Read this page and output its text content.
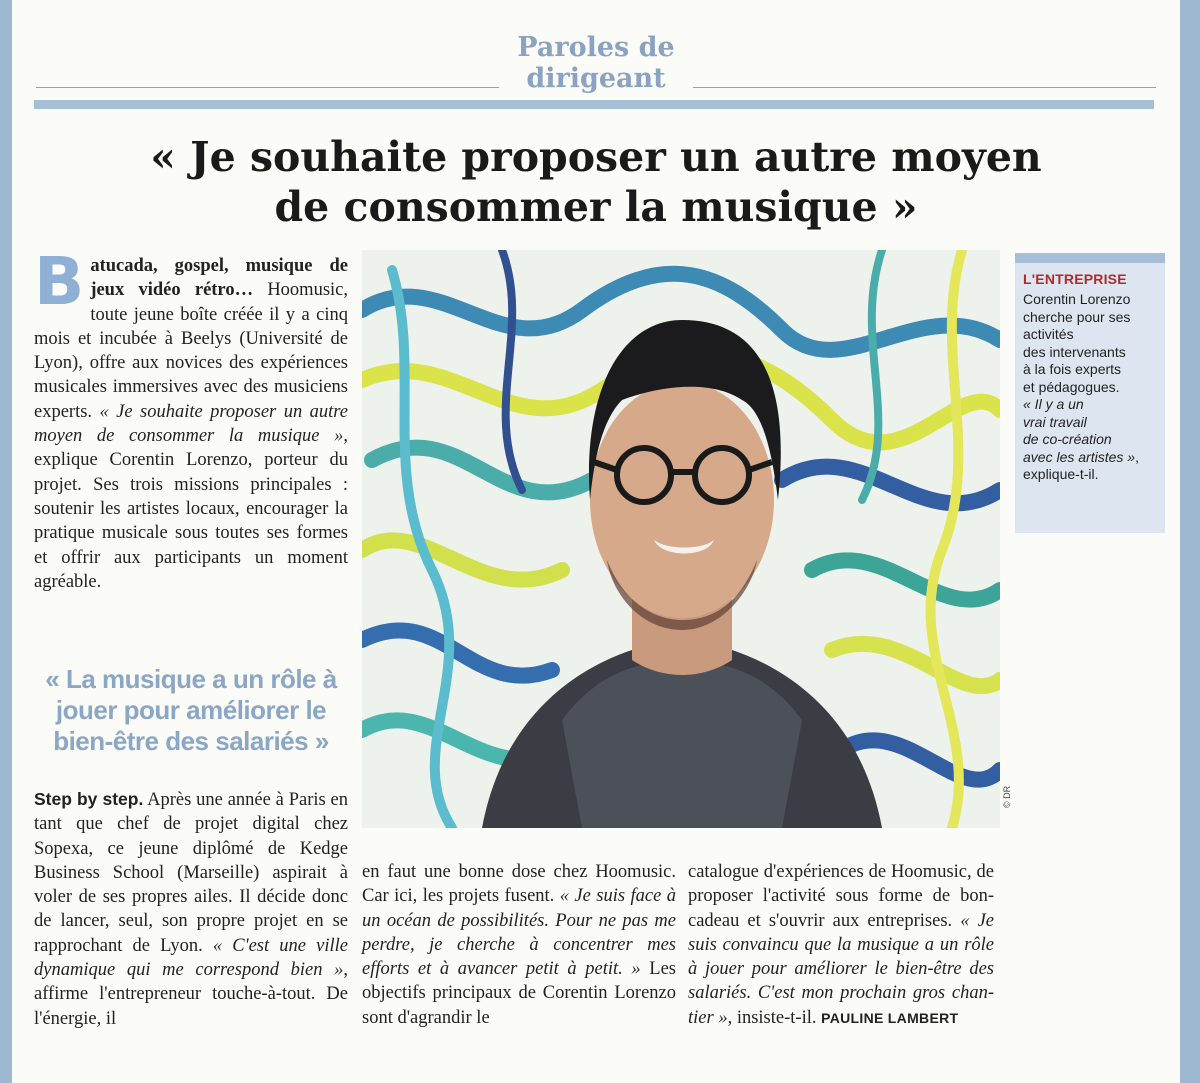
Paroles de
dirigeant
« Je souhaite proposer un autre moyen
de consommer la musique »

Batucada, gospel, musique de jeux vidéo rétro… Hoomusic, toute jeune boîte créée il y a cinq mois et incubée à Beelys (Université de Lyon), offre aux novices des expériences musicales immersives avec des musiciens experts. « Je souhaite proposer un autre moyen de consommer la musique », explique Corentin Lorenzo, porteur du projet. Ses trois missions principales : soutenir les artistes locaux, encourager la pratique musicale sous toutes ses formes et offrir aux participants un moment agréable.

« La musique a un rôle à jouer pour améliorer le bien-être des salariés »

Step by step. Après une année à Paris en tant que chef de projet digital chez Sopexa, ce jeune diplômé de Kedge Business School (Marseille) aspirait à voler de ses propres ailes. Il décide donc de lancer, seul, son propre projet en se rapprochant de Lyon. « C'est une ville dynamique qui me correspond bien », affirme l'entrepreneur touche-à-tout. De l'énergie, il

en faut une bonne dose chez Hoomusic. Car ici, les projets fusent. « Je suis face à un océan de possibilités. Pour ne pas me perdre, je cherche à concentrer mes efforts et à avancer petit à petit. » Les objectifs principaux de Corentin Lorenzo sont d'agrandir le

catalogue d'expériences de Hoomusic, de proposer l'activité sous forme de bon-cadeau et s'ouvrir aux entreprises. « Je suis convaincu que la musique a un rôle à jouer pour améliorer le bien-être des salariés. C'est mon prochain gros chantier », insiste-t-il. PAULINE LAMBERT

© DR
L'ENTREPRISE
Corentin Lorenzo
cherche pour ses
activités
des intervenants
à la fois experts
et pédagogues.
« Il y a un
vrai travail
de co-création
avec les artistes »,
explique-t-il.
